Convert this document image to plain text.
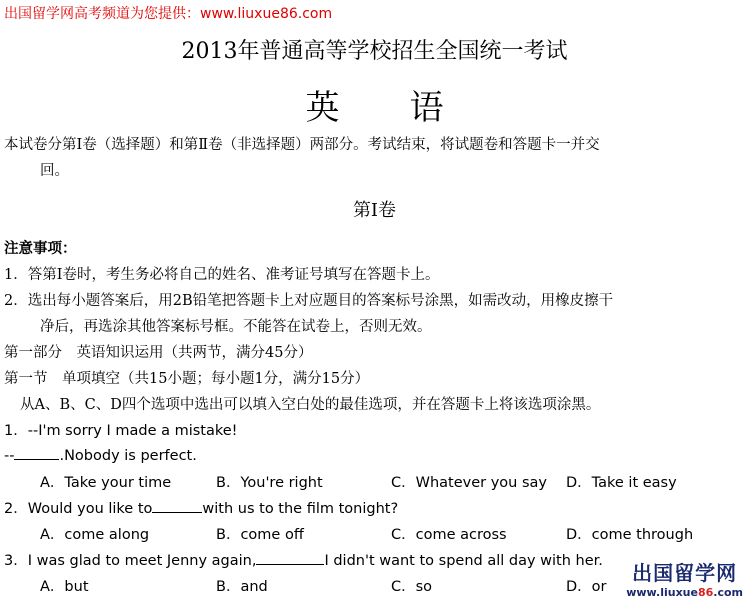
出国留学网高考频道为您提供：www.liuxue86.com
2013年普通高等学校招生全国统一考试
英 语
本试卷分第Ⅰ卷（选择题）和第Ⅱ卷（非选择题）两部分。考试结束，将试题卷和答题卡一并交
回。
第Ⅰ卷
注意事项：
1．答第Ⅰ卷时，考生务必将自己的姓名、准考证号填写在答题卡上。
2．选出每小题答案后，用2B铅笔把答题卡上对应题目的答案标号涂黑，如需改动，用橡皮擦干
净后，再选涂其他答案标号框。不能答在试卷上，否则无效。
第一部分　英语知识运用（共两节，满分45分）
第一节　单项填空（共15小题；每小题1分，满分15分）
从A、B、C、D四个选项中选出可以填入空白处的最佳选项，并在答题卡上将该选项涂黑。
1．--I'm sorry I made a mistake!
--	.Nobody is perfect.
A．Take your time	B．You're right	C．Whatever you say D．Take it easy
2．Would you like to	with us to the film tonight?
A．come along	B．come off	C．come across	D．come through
3．I was glad to meet Jenny again,	I didn't want to spend all day with her.
A．but	B．and	C．so	D．or
出国留学网
www.liuxue86.com
